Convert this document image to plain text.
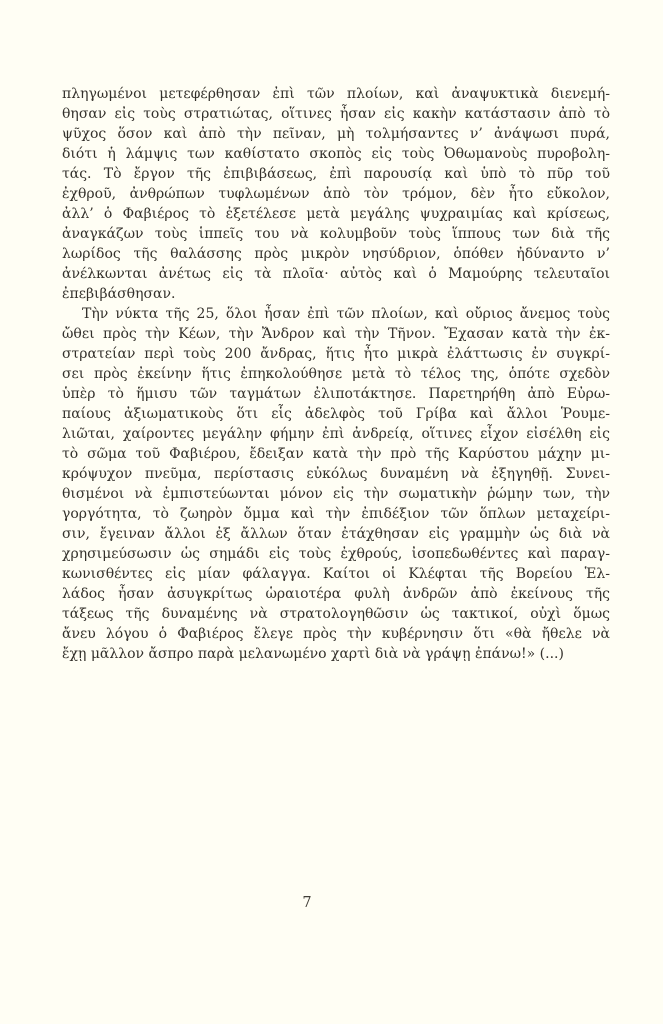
πληγωμένοι μετεφέρθησαν ἐπὶ τῶν πλοίων, καὶ ἀναψυκτικὰ διενεμή-
θησαν εἰς τοὺς στρατιώτας, οἵτινες ἦσαν εἰς κακὴν κατάστασιν ἀπὸ τὸ
ψῦχος ὅσον καὶ ἀπὸ τὴν πεῖναν, μὴ τολμήσαντες ν’ ἀνάψωσι πυρά,
διότι ἡ λάμψις των καθίστατο σκοπὸς εἰς τοὺς Ὀθωμανοὺς πυροβολη-
τάς. Τὸ ἔργον τῆς ἐπιβιβάσεως, ἐπὶ παρουσίᾳ καὶ ὑπὸ τὸ πῦρ τοῦ
ἐχθροῦ, ἀνθρώπων τυφλωμένων ἀπὸ τὸν τρόμον, δὲν ἦτο εὔκολον,
ἀλλ’ ὁ Φαβιέρος τὸ ἐξετέλεσε μετὰ μεγάλης ψυχραιμίας καὶ κρίσεως,
ἀναγκάζων τοὺς ἱππεῖς του νὰ κολυμβοῦν τοὺς ἵππους των διὰ τῆς
λωρίδος τῆς θαλάσσης πρὸς μικρὸν νησύδριον, ὁπόθεν ἠδύναντο ν’
ἀνέλκωνται ἀνέτως εἰς τὰ πλοῖα· αὐτὸς καὶ ὁ Μαμούρης τελευταῖοι
ἐπεβιβάσθησαν.
Τὴν νύκτα τῆς 25, ὅλοι ἦσαν ἐπὶ τῶν πλοίων, καὶ οὔριος ἄνεμος τοὺς
ὤθει πρὸς τὴν Κέων, τὴν Ἄνδρον καὶ τὴν Τῆνον. Ἔχασαν κατὰ τὴν ἐκ-
στρατείαν περὶ τοὺς 200 ἄνδρας, ἥτις ἦτο μικρὰ ἐλάττωσις ἐν συγκρί-
σει πρὸς ἐκείνην ἥτις ἐπηκολούθησε μετὰ τὸ τέλος της, ὁπότε σχεδὸν
ὑπὲρ τὸ ἥμισυ τῶν ταγμάτων ἐλιποτάκτησε. Παρετηρήθη ἀπὸ Εὐρω-
παίους ἀξιωματικοὺς ὅτι εἷς ἀδελφὸς τοῦ Γρίβα καὶ ἄλλοι Ῥουμε-
λιῶται, χαίροντες μεγάλην φήμην ἐπὶ ἀνδρείᾳ, οἵτινες εἶχον εἰσέλθη εἰς
τὸ σῶμα τοῦ Φαβιέρου, ἔδειξαν κατὰ τὴν πρὸ τῆς Καρύστου μάχην μι-
κρόψυχον πνεῦμα, περίστασις εὐκόλως δυναμένη νὰ ἐξηγηθῇ. Συνει-
θισμένοι νὰ ἐμπιστεύωνται μόνον εἰς τὴν σωματικὴν ῥώμην των, τὴν
γοργότητα, τὸ ζωηρὸν ὄμμα καὶ τὴν ἐπιδέξιον τῶν ὅπλων μεταχείρι-
σιν, ἔγειναν ἄλλοι ἐξ ἄλλων ὅταν ἐτάχθησαν εἰς γραμμὴν ὡς διὰ νὰ
χρησιμεύσωσιν ὡς σημάδι εἰς τοὺς ἐχθρούς, ἰσοπεδωθέντες καὶ παραγ-
κωνισθέντες εἰς μίαν φάλαγγα. Καίτοι οἱ Κλέφται τῆς Βορείου Ἑλ-
λάδος ἦσαν ἀσυγκρίτως ὡραιοτέρα φυλὴ ἀνδρῶν ἀπὸ ἐκείνους τῆς
τάξεως τῆς δυναμένης νὰ στρατολογηθῶσιν ὡς τακτικοί, οὐχὶ ὅμως
ἄνευ λόγου ὁ Φαβιέρος ἔλεγε πρὸς τὴν κυβέρνησιν ὅτι «θὰ ἤθελε νὰ
ἔχῃ μᾶλλον ἄσπρο παρὰ μελανωμένο χαρτὶ διὰ νὰ γράψῃ ἐπάνω!» (...)
7
